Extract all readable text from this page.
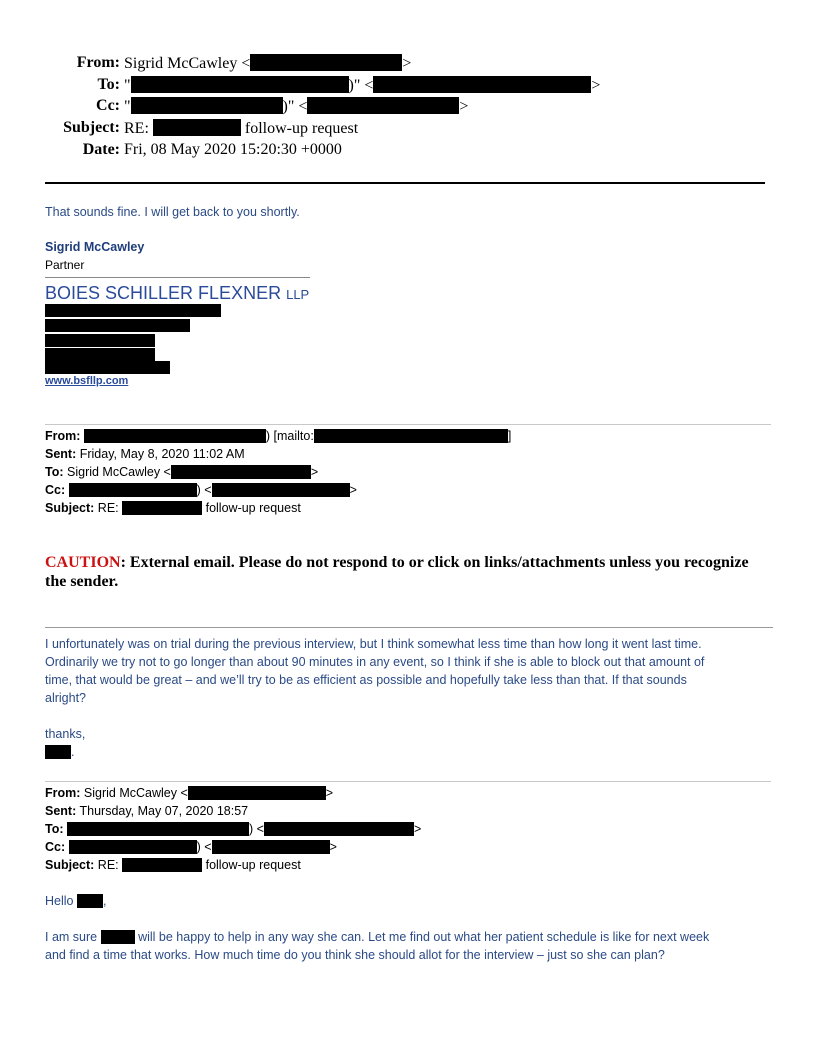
From: Sigrid McCawley <	>
To: "	)" <	>
Cc: "	)" <	>
Subject: RE:	follow-up request
Date: Fri, 08 May 2020 15:20:30 +0000
That sounds fine. I will get back to you shortly.
Sigrid McCawley
Partner
BOIES SCHILLER FLEXNER LLP
www.bsfllp.com
From:	) [mailto:	]
Sent: Friday, May 8, 2020 11:02 AM
To: Sigrid McCawley <	>
Cc:	) <	>
Subject: RE:	follow-up request
CAUTION: External email. Please do not respond to or click on links/attachments unless you recognize
the sender.
I unfortunately was on trial during the previous interview, but I think somewhat less time than how long it went last time.
Ordinarily we try not to go longer than about 90 minutes in any event, so I think if she is able to block out that amount of
time, that would be great – and we’ll try to be as efficient as possible and hopefully take less than that. If that sounds
alright?
thanks,
.
From: Sigrid McCawley <	>
Sent: Thursday, May 07, 2020 18:57
To:	) <	>
Cc:	) <	>
Subject: RE:	follow-up request
Hello ,
I am sure	will be happy to help in any way she can. Let me find out what her patient schedule is like for next week
and find a time that works. How much time do you think she should allot for the interview – just so she can plan?
